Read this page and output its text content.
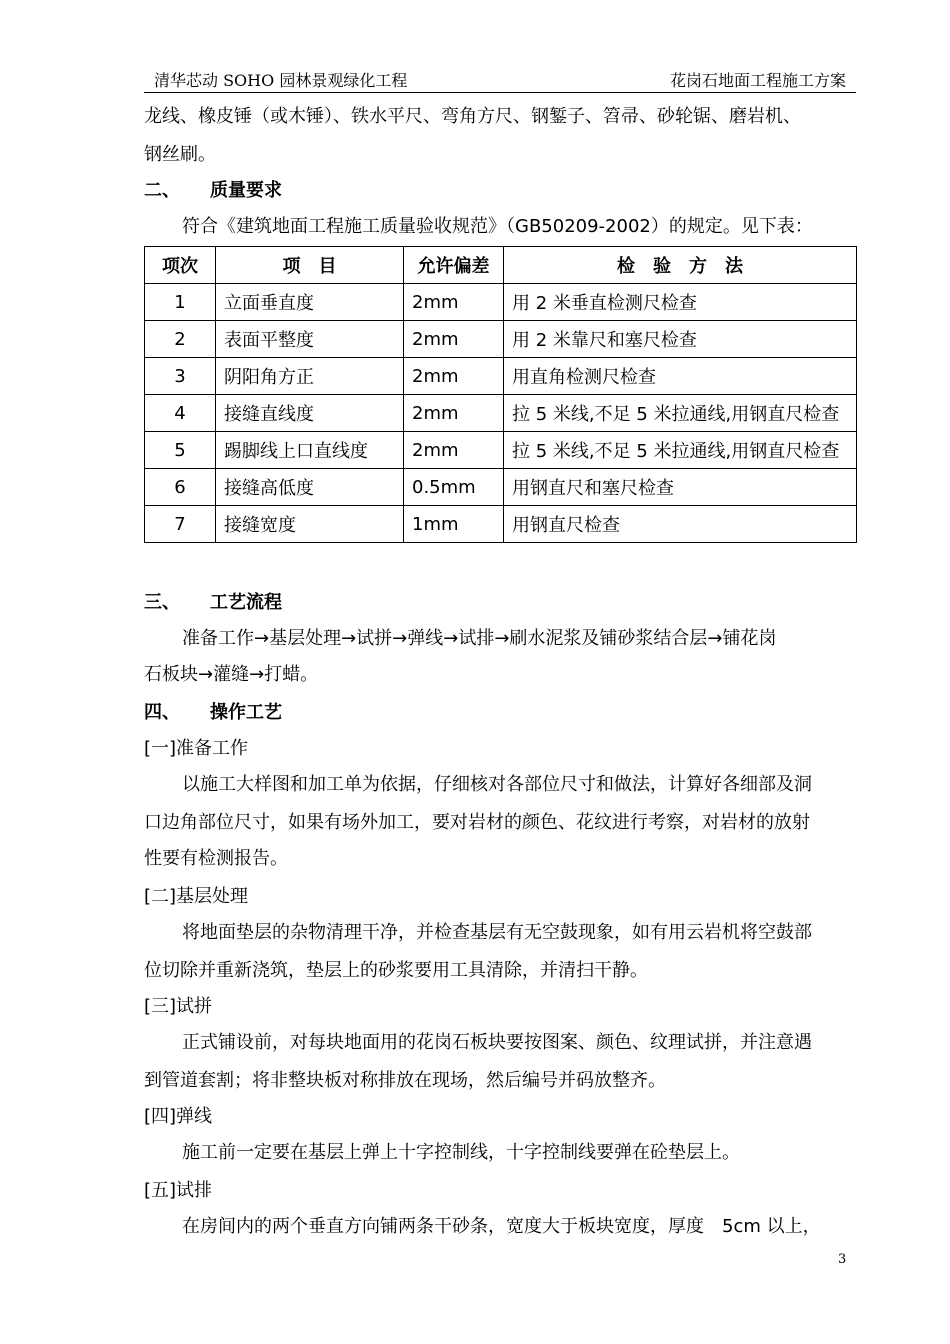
清华芯动 SOHO 园林景观绿化工程	花岗石地面工程施工方案
龙线、橡皮锤（或木锤）、铁水平尺、弯角方尺、钢錾子、笤帚、砂轮锯、磨岩机、
钢丝刷。
二、 质量要求
符合《建筑地面工程施工质量验收规范》（GB50209-2002）的规定。见下表：
项次	项　目	允许偏差	检　验　方　法
1	立面垂直度	2mm	用 2 米垂直检测尺检查
2	表面平整度	2mm	用 2 米靠尺和塞尺检查
3	阴阳角方正	2mm	用直角检测尺检查
4	接缝直线度	2mm	拉 5 米线,不足 5 米拉通线,用钢直尺检查
5	踢脚线上口直线度	2mm	拉 5 米线,不足 5 米拉通线,用钢直尺检查
6	接缝高低度	0.5mm	用钢直尺和塞尺检查
7	接缝宽度	1mm	用钢直尺检查
三、 工艺流程
准备工作→基层处理→试拼→弹线→试排→刷水泥浆及铺砂浆结合层→铺花岗
石板块→灌缝→打蜡。
四、 操作工艺
[一]准备工作
以施工大样图和加工单为依据，仔细核对各部位尺寸和做法，计算好各细部及洞
口边角部位尺寸，如果有场外加工，要对岩材的颜色、花纹进行考察，对岩材的放射
性要有检测报告。
[二]基层处理
将地面垫层的杂物清理干净，并检查基层有无空鼓现象，如有用云岩机将空鼓部
位切除并重新浇筑，垫层上的砂浆要用工具清除，并清扫干静。
[三]试拼
正式铺设前，对每块地面用的花岗石板块要按图案、颜色、纹理试拼，并注意遇
到管道套割；将非整块板对称排放在现场，然后编号并码放整齐。
[四]弹线
施工前一定要在基层上弹上十字控制线，十字控制线要弹在砼垫层上。
[五]试排
在房间内的两个垂直方向铺两条干砂条，宽度大于板块宽度，厚度　5cm 以上，
3
